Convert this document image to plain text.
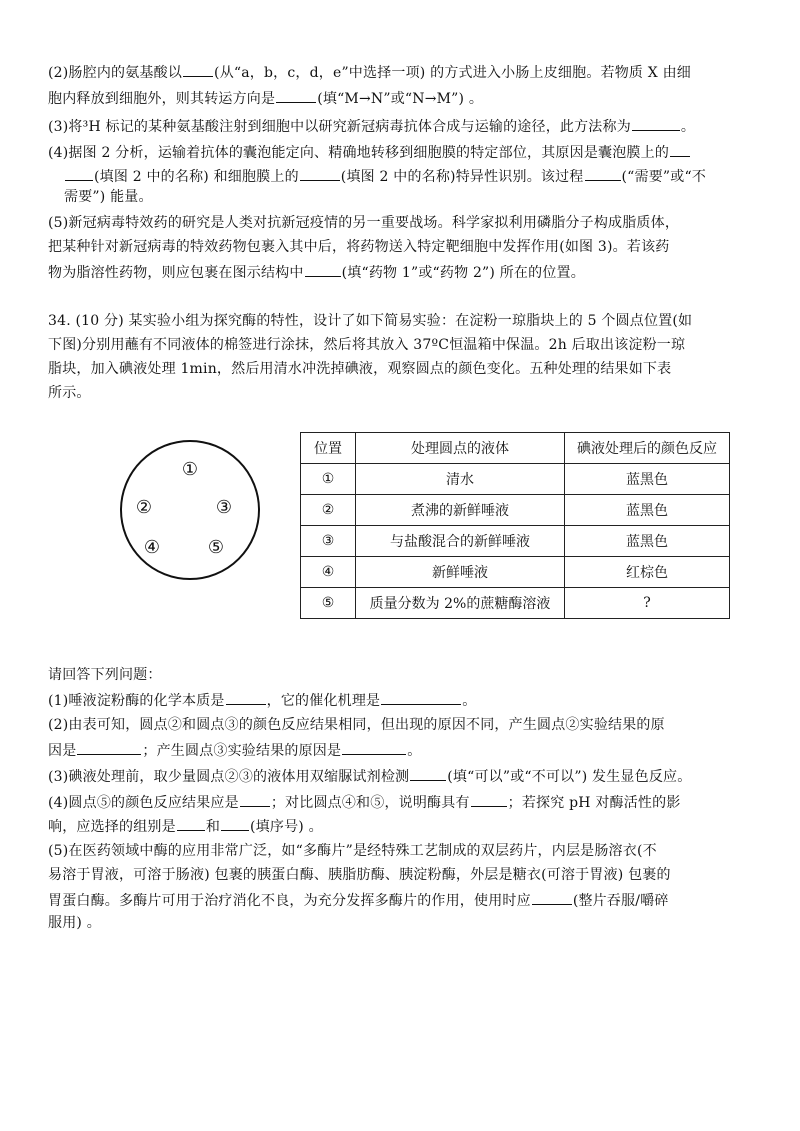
(2)肠腔内的氨基酸以 (从“a，b，c，d，e”中选择一项) 的方式进入小肠上皮细胞。若物质 X 由细
胞内释放到细胞外，则其转运方向是	(填“M→N”或“N→M”) 。
(3)将³H 标记的某种氨基酸注射到细胞中以研究新冠病毒抗体合成与运输的途径，此方法称为	。
(4)据图 2 分析，运输着抗体的囊泡能定向、精确地转移到细胞膜的特定部位，其原因是囊泡膜上的
(填图 2 中的名称) 和细胞膜上的	(填图 2 中的名称)特异性识别。该过程	(“需要”或“不
需要”) 能量。
(5)新冠病毒特效药的研究是人类对抗新冠疫情的另一重要战场。科学家拟利用磷脂分子构成脂质体，
把某种针对新冠病毒的特效药物包裹入其中后，将药物送入特定靶细胞中发挥作用(如图 3)。若该药
物为脂溶性药物，则应包裹在图示结构中	(填“药物 1”或“药物 2”) 所在的位置。
34. (10 分) 某实验小组为探究酶的特性，设计了如下简易实验：在淀粉一琼脂块上的 5 个圆点位置(如
下图)分别用蘸有不同液体的棉签进行涂抹，然后将其放入 37ºC恒温箱中保温。2h 后取出该淀粉一琼
脂块，加入碘液处理 1min，然后用清水冲洗掉碘液，观察圆点的颜色变化。五种处理的结果如下表
所示。
①
②	③
④	⑤
位置	处理圆点的液体	碘液处理后的颜色反应
①	清水	蓝黑色
②	煮沸的新鲜唾液	蓝黑色
③	与盐酸混合的新鲜唾液	蓝黑色
④	新鲜唾液	红棕色
⑤	质量分数为 2%的蔗糖酶溶液	?
请回答下列问题：
(1)唾液淀粉酶的化学本质是	，它的催化机理是	。
(2)由表可知，圆点②和圆点③的颜色反应结果相同，但出现的原因不同，产生圆点②实验结果的原
因是	；产生圆点③实验结果的原因是	。
(3)碘液处理前，取少量圆点②③的液体用双缩脲试剂检测	(填“可以”或“不可以”) 发生显色反应。
(4)圆点⑤的颜色反应结果应是 ；对比圆点④和⑤，说明酶具有	；若探究 pH 对酶活性的影
响，应选择的组别是 和 (填序号) 。
(5)在医药领域中酶的应用非常广泛，如“多酶片”是经特殊工艺制成的双层药片，内层是肠溶衣(不
易溶于胃液，可溶于肠液) 包裹的胰蛋白酶、胰脂肪酶、胰淀粉酶，外层是糖衣(可溶于胃液) 包裹的
胃蛋白酶。多酶片可用于治疗消化不良，为充分发挥多酶片的作用，使用时应	(整片吞服/嚼碎
服用) 。
